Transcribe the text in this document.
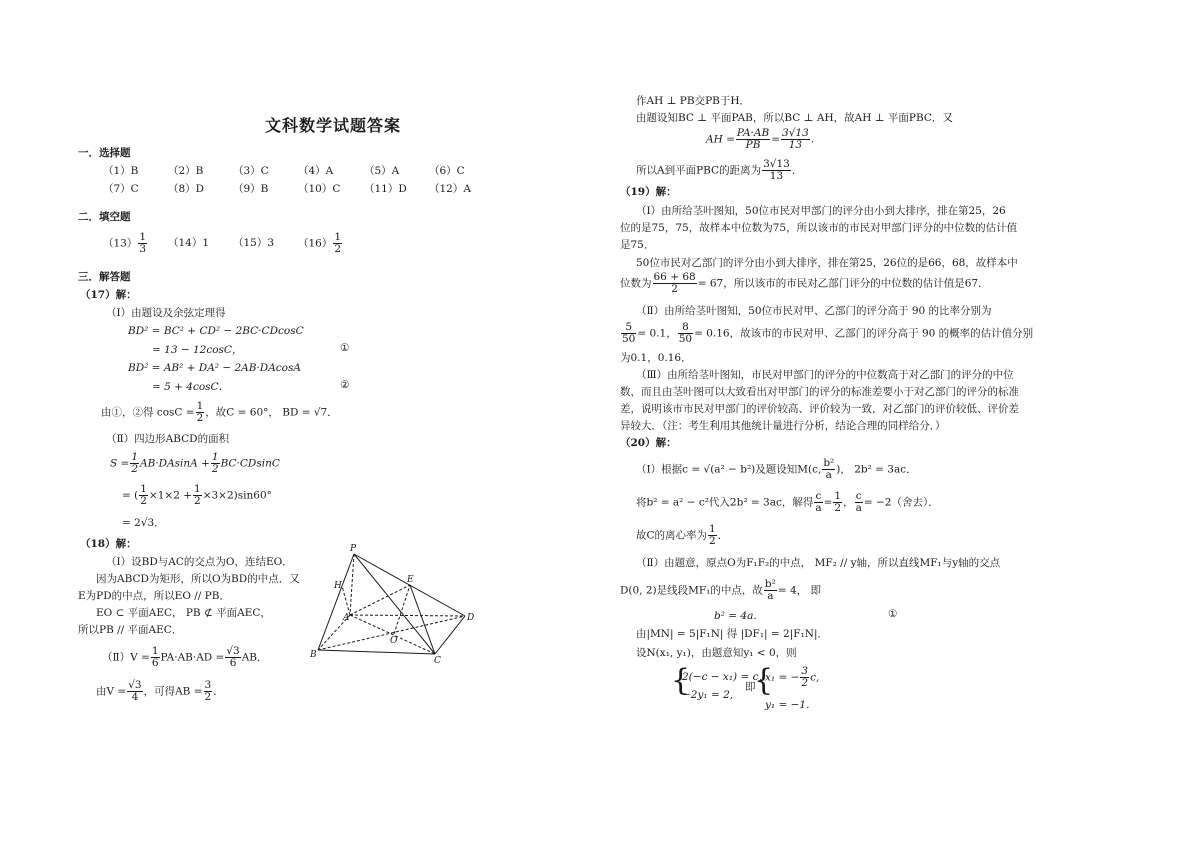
文科数学试题答案
一．选择题
（1）B	（2）B	（3）C	（4）A	（5）A	（6）C
（7）C	（8）D	（9）B	（10）C （11）D （12）A
二．填空题
$(13) \frac{1}{3} (14)1$ （15）3 $(16) \frac{1}{2}$
三．解答题
（17）解：
（Ⅰ）由题设及余弦定理得
BD² = BC² + CD² − 2BC·CDcosC
= 13 − 12cosC，	①
BD² = AB² + DA² − 2AB·DAcosA
= 5 + 4cosC．	②
由①，②得 $\cos C = \frac{1}{2}$ ，故C = 60°， BD = √7．
（Ⅱ）四边形ABCD的面积
$S = \frac{1}{2} AB\cdot DAsinA + \frac{1}{2} BC\cdot CDsinC$
= ( $\frac{1}{2} \times 1\times 2 + \frac{1}{2} \times 3\times 2)\sin 60^\circ$
= 2√3．
（18）解：
（Ⅰ）设BD与AC的交点为O，连结EO．
因为ABCD为矩形，所以O为BD的中点．又
E为PD的中点，所以EO // PB．
EO ⊂ 平面AEC， PB ⊄ 平面AEC，
所以PB // 平面AEC．
（Ⅱ）V = $\frac{1}{6} PA\cdot AB\cdot AD = \frac{√3}{6}$ AB．
由$V = \frac{√3}{4}$ ，可得AB = $\frac{3}{2}$ ．
P
H
E
A
O
D
B
C
作AH ⊥ PB交PB于H．
由题设知BC ⊥ 平面PAB，所以BC ⊥ AH，故AH ⊥ 平面PBC．又
AH = $\frac{PA\cdot AB}{PB} = \frac{3√13}{13}$ ．
所以A到平面PBC的距离为 $\frac{3√13}{13}$ ．
（19）解：
（Ⅰ）由所给茎叶图知，50位市民对甲部门的评分由小到大排序，排在第25，26
位的是75，75，故样本中位数为75，所以该市的市民对甲部门评分的中位数的估计值
是75．
50位市民对乙部门的评分由小到大排序，排在第25，26位的是66，68，故样本中
位数为 $\frac{66 + 68}{2} = 67$，所以该市的市民对乙部门评分的中位数的估计值是67．
（Ⅱ）由所给茎叶图知，50位市民对甲、乙部门的评分高于 90 的比率分别为
$\frac{5}{50} = 0.1$， $\frac{8}{50} = 0.16$，故该市的市民对甲、乙部门的评分高于 90 的概率的估计值分别
为0.1，0.16．
（Ⅲ）由所给茎叶图知，市民对甲部门的评分的中位数高于对乙部门的评分的中位
数，而且由茎叶图可以大致看出对甲部门的评分的标准差要小于对乙部门的评分的标准
差，说明该市市民对甲部门的评价较高、评价较为一致，对乙部门的评价较低、评价差
异较大．（注：考生利用其他统计量进行分析，结论合理的同样给分．）
（20）解：
（Ⅰ）根据c = √(a² − b²)及题设知M(c, $\frac{\text{b²}}{a}$ )， 2b² = 3ac．
将b² = a² − c²代入2b² = 3ac，解得 $\frac{c}{a} = \frac{1}{2}$ ， $\frac{c}{a} = -2$（舍去）．
故C的离心率为 $\frac{1}{2}$ ．
（Ⅱ）由题意，原点O为F₁F₂的中点， MF₂ // y轴，所以直线MF₁与y轴的交点
D(0, 2)是线段MF₁的中点，故 $\frac{\text{b²}}{a} = 4$， 即
b² = 4a．	①
由|MN| = 5|F₁N| 得 |DF₁| = 2|F₁N|．
设N(x₁, y₁)，由题意知y₁ < 0，则
{
2(−c − x₁) = c,
−2y₁ = 2,
即
{
x₁ = − $\frac{3}{2} c$,
y₁ = −1.
